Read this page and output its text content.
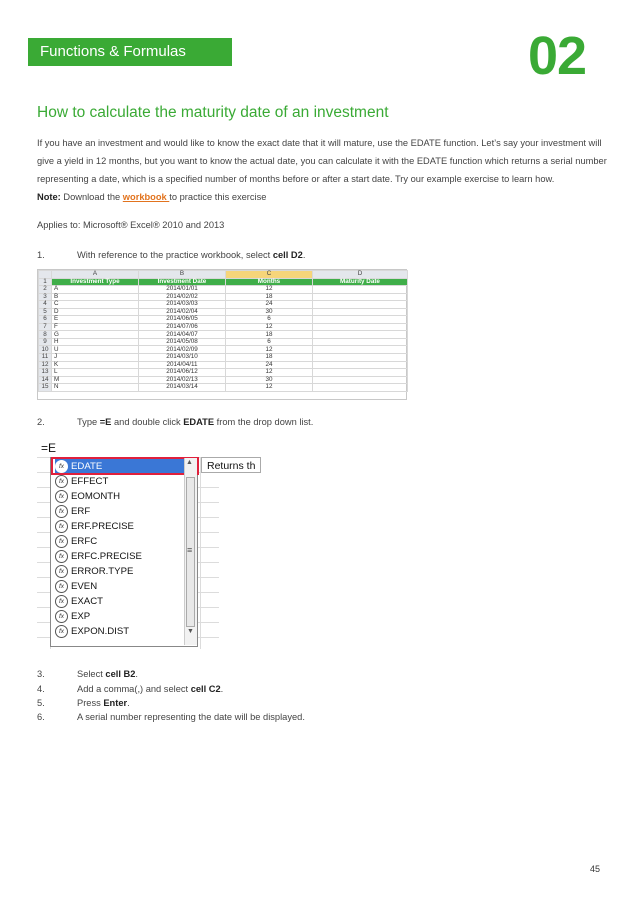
Functions & Formulas	02
How to calculate the maturity date of an investment
If you have an investment and would like to know the exact date that it will mature, use the EDATE function. Let’s say your investment will give a yield in 12 months, but you want to know the actual date, you can calculate it with the EDATE function which returns a serial number representing a date, which is a specified number of months before or after a start date. Try our example exercise to learn how.
Note: Download the workbook to practice this exercise
Applies to: Microsoft® Excel® 2010 and 2013
1.	With reference to the practice workbook, select cell D2.
	A	B	C	D
1	Investment Type	Investment Date	Months	Maturity Date
2	A	2014/01/01	12	
3	B	2014/02/02	18	
4	C	2014/03/03	24	
5	D	2014/02/04	30	
6	E	2014/06/05	6	
7	F	2014/07/06	12	
8	G	2014/04/07	18	
9	H	2014/05/08	6	
10	U	2014/02/09	12	
11	J	2014/03/10	18	
12	K	2014/04/11	24	
13	L	2014/06/12	12	
14	M	2014/02/13	30	
15	N	2014/03/14	12	
2.	Type =E and double click EDATE from the drop down list.
=E
fx EDATE
fx EFFECT
fx EOMONTH
fx ERF
fx ERF.PRECISE
fx ERFC
fx ERFC.PRECISE
fx ERROR.TYPE
fx EVEN
fx EXACT
fx EXP
fx EXPON.DIST
▲
▼
≡
Returns th
3.	Select cell B2.
4.	Add a comma(,) and select cell C2.
5.	Press Enter.
6.	A serial number representing the date will be displayed.
45
